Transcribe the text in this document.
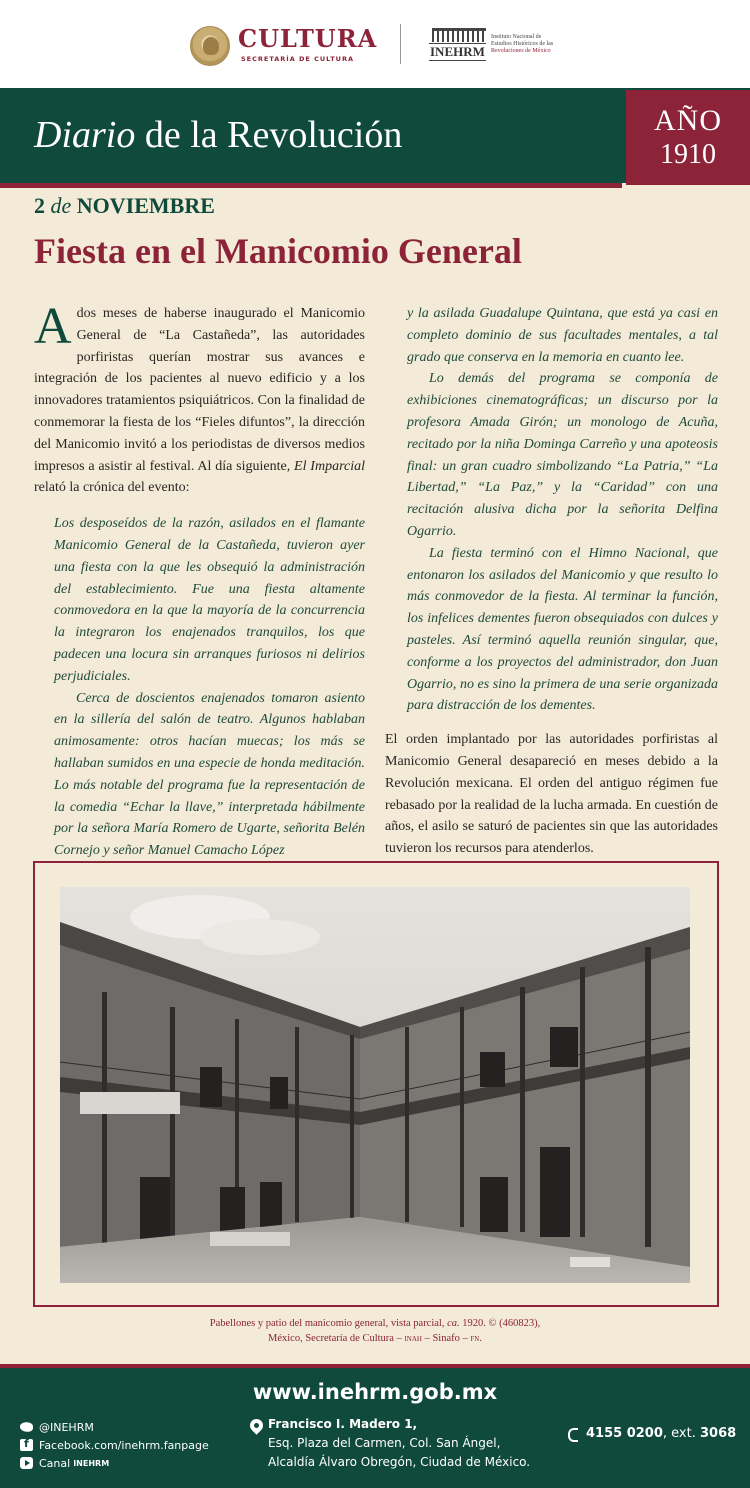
CULTURA
SECRETARÍA DE CULTURA	INEHRM
Instituto Nacional de
Estudios Históricos de las
Revoluciones de México
Diario de la Revolución	AÑO
1910
2 de NOVIEMBRE
Fiesta en el Manicomio General

Ados meses de haberse inaugurado el Manicomio General de “La Castañeda”, las autoridades porfiristas querían mostrar sus avances e integración de los pacientes al nuevo edificio y a los innovadores tratamientos psiquiátricos. Con la finalidad de conmemorar la fiesta de los “Fieles difuntos”, la dirección del Manicomio invitó a los periodistas de diversos medios impresos a asistir al festival. Al día siguiente, El Imparcial relató la crónica del evento:

Los desposeídos de la razón, asilados en el flamante Manicomio General de la Castañeda, tuvieron ayer una fiesta con la que les obsequió la administración del establecimiento. Fue una fiesta altamente conmovedora en la que la mayoría de la concurrencia la integraron los enajenados tranquilos, los que padecen una locura sin arranques furiosos ni delirios perjudiciales.

Cerca de doscientos enajenados tomaron asiento en la sillería del salón de teatro. Algunos hablaban animosamente: otros hacían muecas; los más se hallaban sumidos en una especie de honda meditación. Lo más notable del programa fue la representación de la comedia “Echar la llave,” interpretada hábilmente por la señora María Romero de Ugarte, señorita Belén Cornejo y señor Manuel Camacho López

y la asilada Guadalupe Quintana, que está ya casi en completo dominio de sus facultades mentales, a tal grado que conserva en la memoria en cuanto lee.

Lo demás del programa se componía de exhibiciones cinematográficas; un discurso por la profesora Amada Girón; un monologo de Acuña, recitado por la niña Dominga Carreño y una apoteosis final: un gran cuadro simbolizando “La Patria,” “La Libertad,” “La Paz,” y la “Caridad” con una recitación alusiva dicha por la señorita Delfina Ogarrio.

La fiesta terminó con el Himno Nacional, que entonaron los asilados del Manicomio y que resulto lo más conmovedor de la fiesta. Al terminar la función, los infelices dementes fueron obsequiados con dulces y pasteles. Así terminó aquella reunión singular, que, conforme a los proyectos del administrador, don Juan Ogarrio, no es sino la primera de una serie organizada para distracción de los dementes.

El orden implantado por las autoridades porfiristas al Manicomio General desapareció en meses debido a la Revolución mexicana. El orden del antiguo régimen fue rebasado por la realidad de la lucha armada. En cuestión de años, el asilo se saturó de pacientes sin que las autoridades tuvieron los recursos para atenderlos.

Pabellones y patio del manicomio general, vista parcial, ca. 1920. © (460823),
México, Secretaría de Cultura – inah – Sinafo – fn.
www.inehrm.gob.mx
@INEHRM
f
Facebook.com/inehrm.fanpage
Canal INEHRM
Francisco I. Madero 1,
Esq. Plaza del Carmen, Col. San Ángel,
Alcaldía Álvaro Obregón, Ciudad de México.
4155 0200, ext. 3068
